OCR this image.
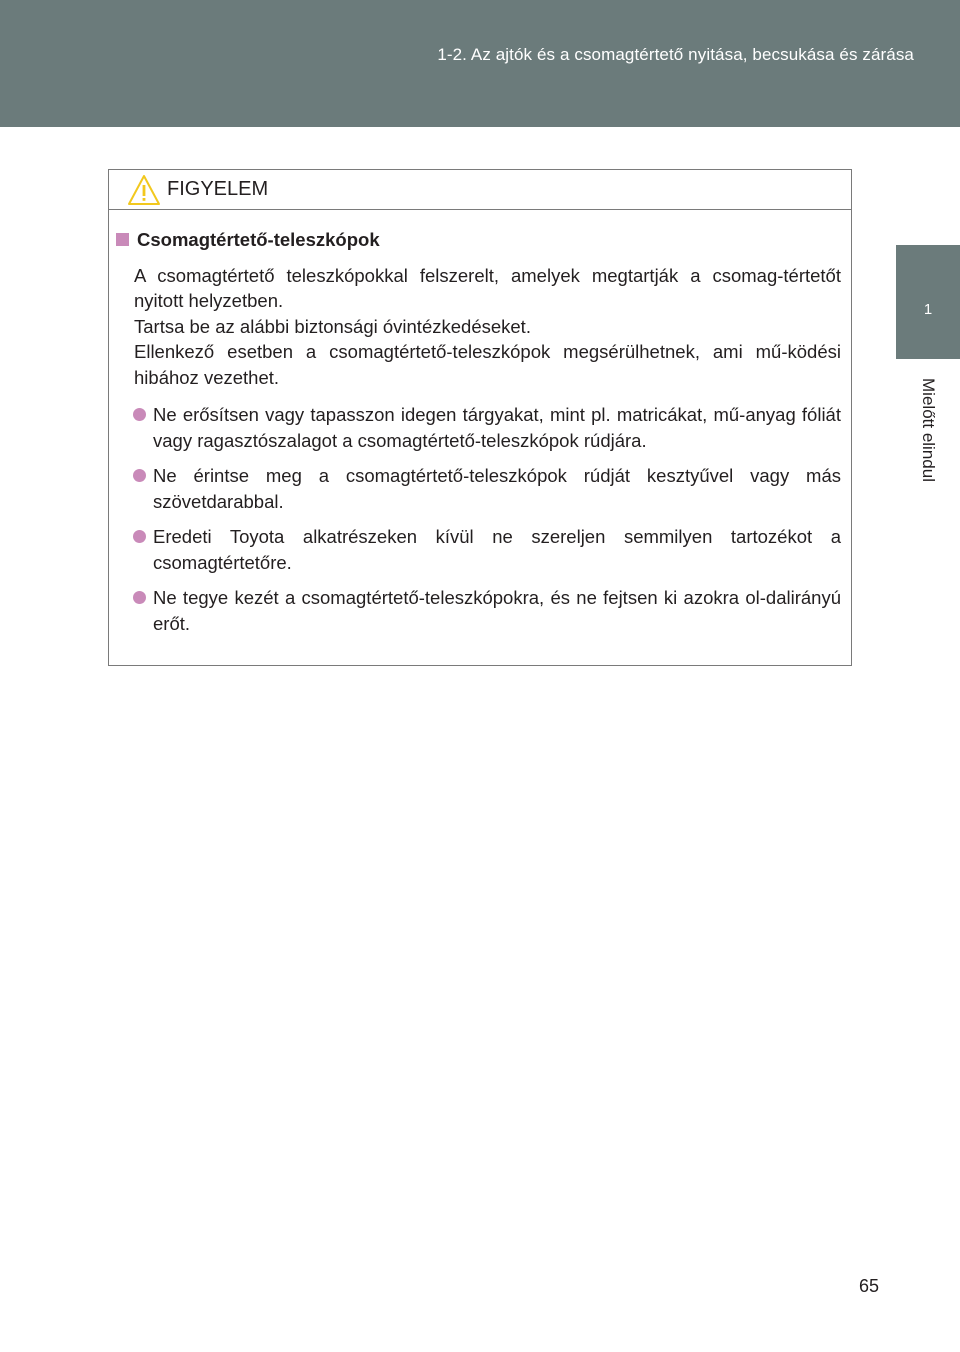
1-2. Az ajtók és a csomagtértető nyitása, becsukása és zárása
1
Mielőtt elindul
FIGYELEM
Csomagtértető-teleszkópok
A csomagtértető teleszkópokkal felszerelt, amelyek megtartják a csomag-tértetőt nyitott helyzetben.
Tartsa be az alábbi biztonsági óvintézkedéseket.
Ellenkező esetben a csomagtértető-teleszkópok megsérülhetnek, ami mű-ködési hibához vezethet.
Ne erősítsen vagy tapasszon idegen tárgyakat, mint pl. matricákat, mű-anyag fóliát vagy ragasztószalagot a csomagtértető-teleszkópok rúdjára.
Ne érintse meg a csomagtértető-teleszkópok rúdját kesztyűvel vagy más szövetdarabbal.
Eredeti Toyota alkatrészeken kívül ne szereljen semmilyen tartozékot a csomagtértetőre.
Ne tegye kezét a csomagtértető-teleszkópokra, és ne fejtsen ki azokra ol-dalirányú erőt.
65
